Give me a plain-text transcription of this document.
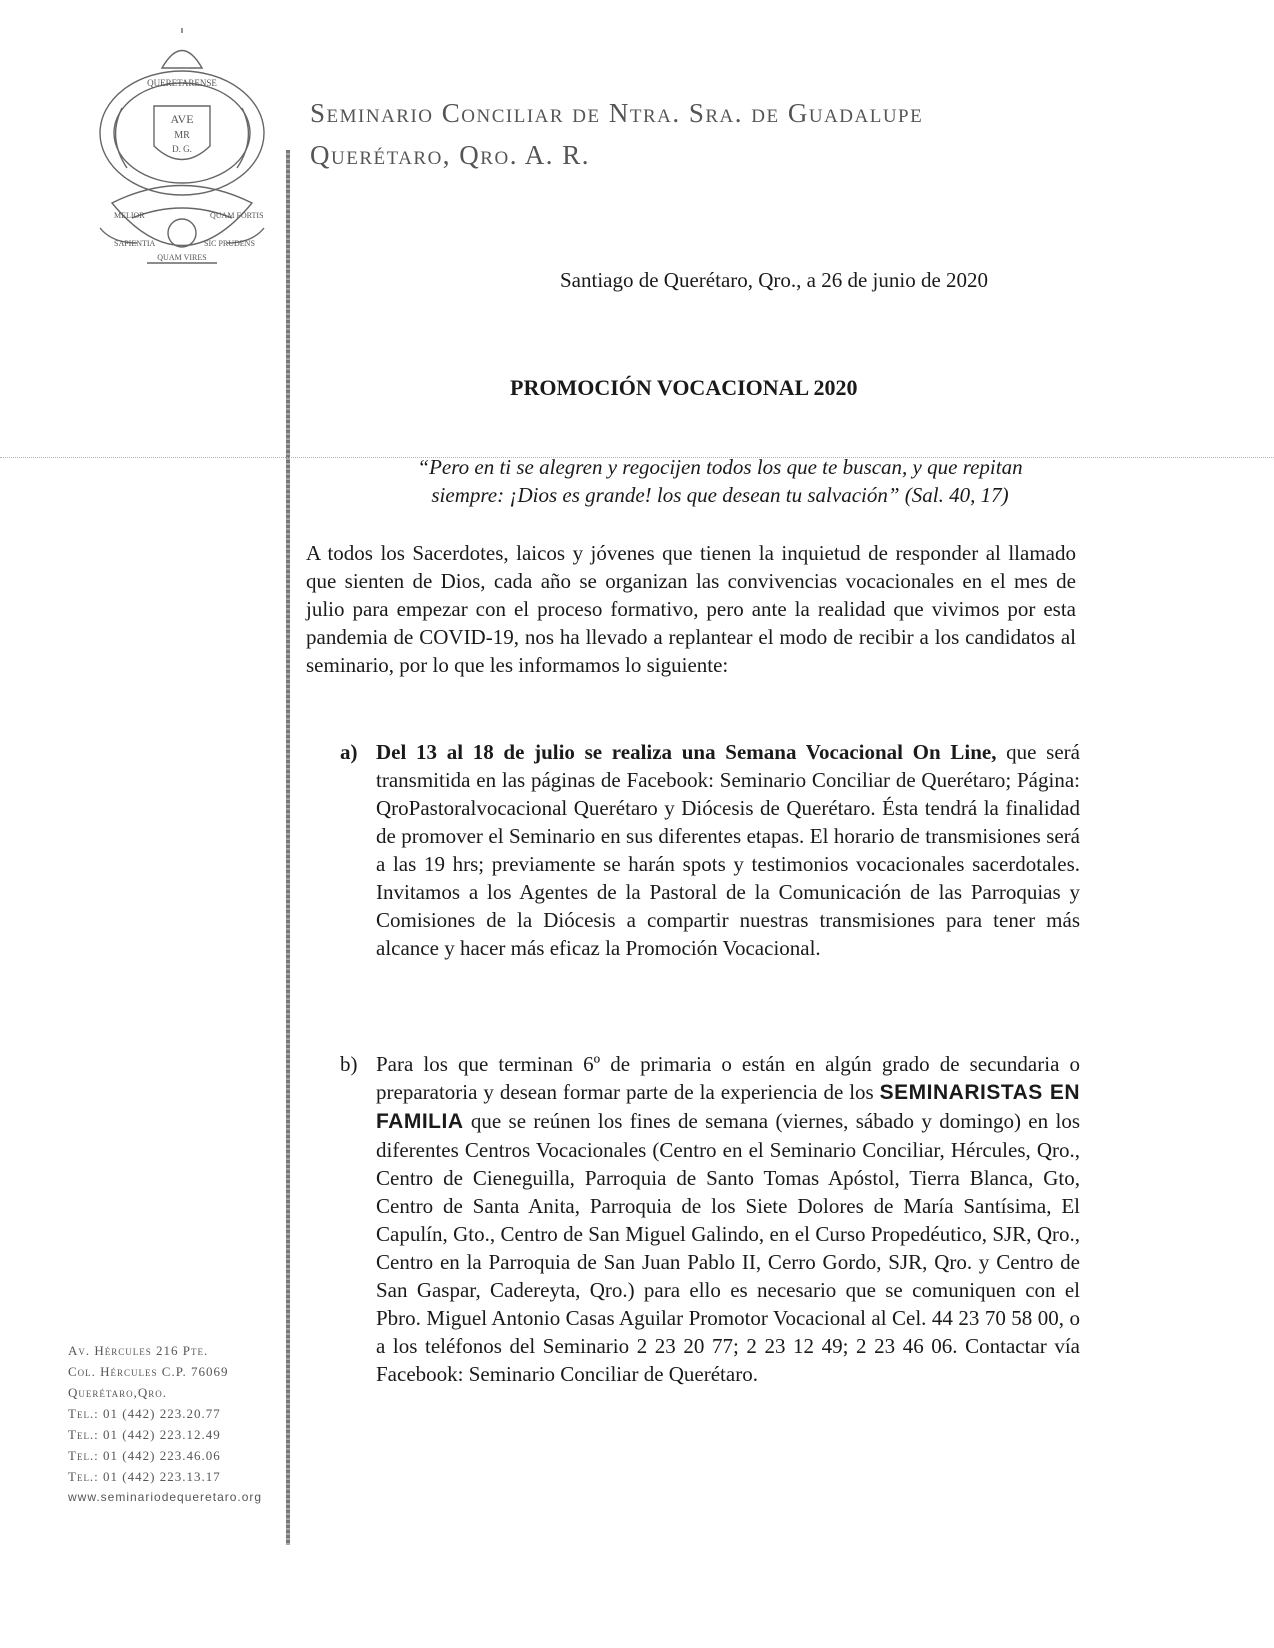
QUERETARENSE
AVE
MR
D. G.
MELIOR	QUAM FORTIS
SAPIENTIA	SIC PRUDENS
QUAM VIRES
Seminario Conciliar de Ntra. Sra. de Guadalupe
Querétaro, Qro. A. R.
Santiago de Querétaro, Qro., a 26 de junio de 2020
PROMOCIÓN VOCACIONAL 2020
“Pero en ti se alegren y regocijen todos los que te buscan, y que repitan
siempre: ¡Dios es grande! los que desean tu salvación” (Sal. 40, 17)
A todos los Sacerdotes, laicos y jóvenes que tienen la inquietud de responder al llamado que sienten de Dios, cada año se organizan las convivencias vocacionales en el mes de julio para empezar con el proceso formativo, pero ante la realidad que vivimos por esta pandemia de COVID-19, nos ha llevado a replantear el modo de recibir a los candidatos al seminario, por lo que les informamos lo siguiente:
a) Del 13 al 18 de julio se realiza una Semana Vocacional On Line, que será transmitida en las páginas de Facebook: Seminario Conciliar de Querétaro; Página: QroPastoralvocacional Querétaro y Diócesis de Querétaro. Ésta tendrá la finalidad de promover el Seminario en sus diferentes etapas. El horario de transmisiones será a las 19 hrs; previamente se harán spots y testimonios vocacionales sacerdotales. Invitamos a los Agentes de la Pastoral de la Comunicación de las Parroquias y Comisiones de la Diócesis a compartir nuestras transmisiones para tener más alcance y hacer más eficaz la Promoción Vocacional.
b) Para los que terminan 6º de primaria o están en algún grado de secundaria o preparatoria y desean formar parte de la experiencia de los SEMINARISTAS EN FAMILIA que se reúnen los fines de semana (viernes, sábado y domingo) en los diferentes Centros Vocacionales (Centro en el Seminario Conciliar, Hércules, Qro., Centro de Cieneguilla, Parroquia de Santo Tomas Apóstol, Tierra Blanca, Gto, Centro de Santa Anita, Parroquia de los Siete Dolores de María Santísima, El Capulín, Gto., Centro de San Miguel Galindo, en el Curso Propedéutico, SJR, Qro., Centro en la Parroquia de San Juan Pablo II, Cerro Gordo, SJR, Qro. y Centro de San Gaspar, Cadereyta, Qro.) para ello es necesario que se comuniquen con el Pbro. Miguel Antonio Casas Aguilar Promotor Vocacional al Cel. 44 23 70 58 00, o a los teléfonos del Seminario 2 23 20 77; 2 23 12 49; 2 23 46 06. Contactar vía Facebook: Seminario Conciliar de Querétaro.
Av. Hércules 216 Pte.
Col. Hércules C.P. 76069
Querétaro,Qro.
Tel.: 01 (442) 223.20.77
Tel.: 01 (442) 223.12.49
Tel.: 01 (442) 223.46.06
Tel.: 01 (442) 223.13.17
www.seminariodequeretaro.org
